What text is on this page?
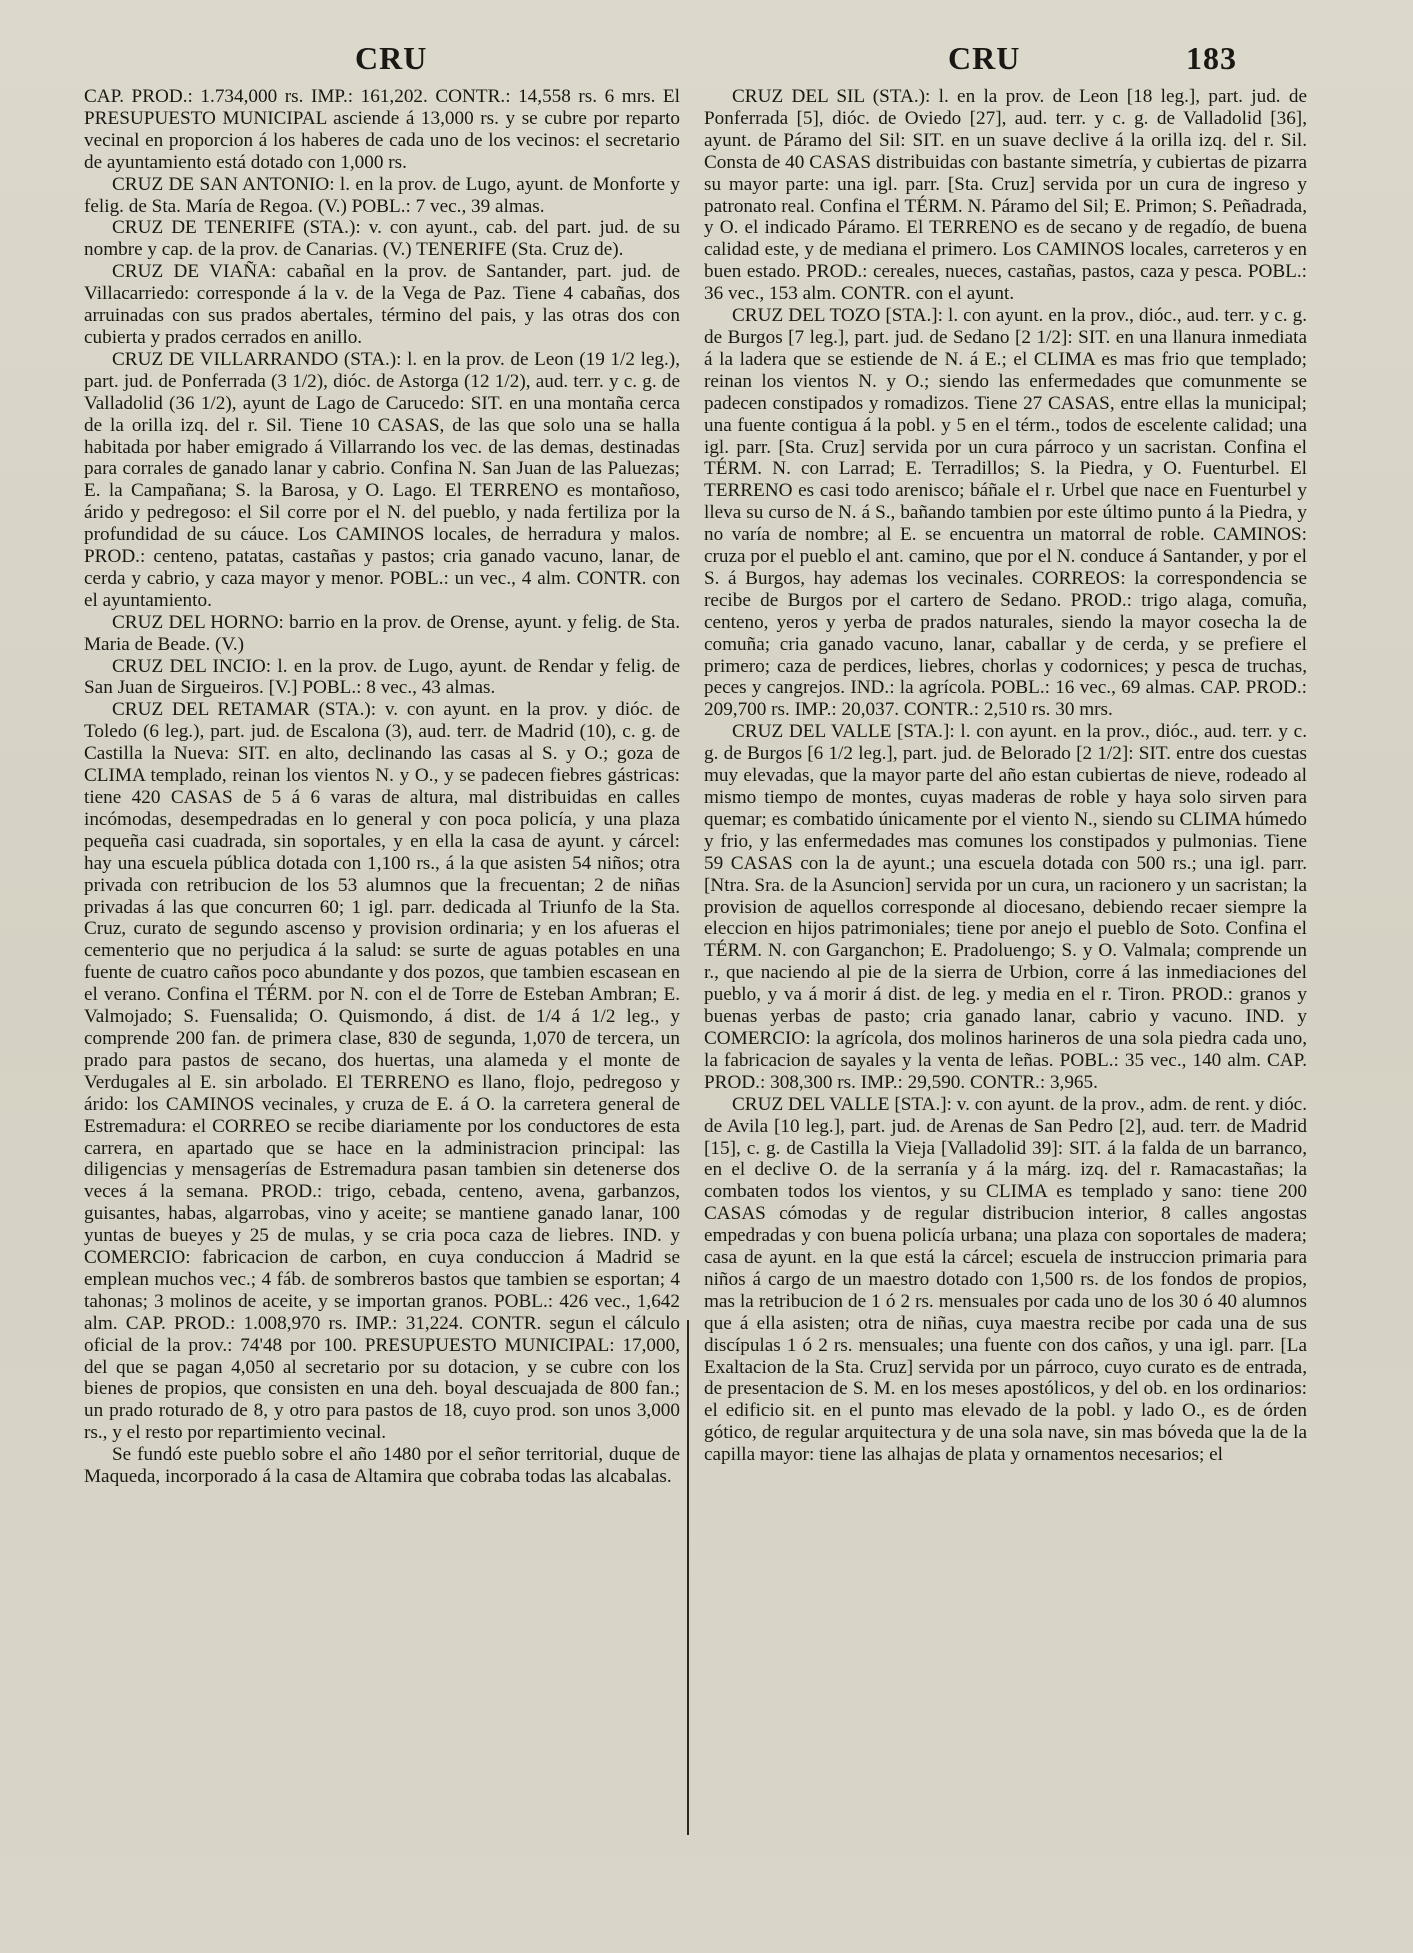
CRU	CRU	183

CAP. PROD.: 1.734,000 rs. IMP.: 161,202. CONTR.: 14,558 rs. 6 mrs. El PRESUPUESTO MUNICIPAL asciende á 13,000 rs. y se cubre por reparto vecinal en proporcion á los haberes de cada uno de los vecinos: el secretario de ayuntamiento está dotado con 1,000 rs.

CRUZ DE SAN ANTONIO: l. en la prov. de Lugo, ayunt. de Monforte y felig. de Sta. María de Regoa. (V.) POBL.: 7 vec., 39 almas.

CRUZ DE TENERIFE (STA.): v. con ayunt., cab. del part. jud. de su nombre y cap. de la prov. de Canarias. (V.) TENERIFE (Sta. Cruz de).

CRUZ DE VIAÑA: cabañal en la prov. de Santander, part. jud. de Villacarriedo: corresponde á la v. de la Vega de Paz. Tiene 4 cabañas, dos arruinadas con sus prados abertales, término del pais, y las otras dos con cubierta y prados cerrados en anillo.

CRUZ DE VILLARRANDO (STA.): l. en la prov. de Leon (19 1/2 leg.), part. jud. de Ponferrada (3 1/2), dióc. de Astorga (12 1/2), aud. terr. y c. g. de Valladolid (36 1/2), ayunt de Lago de Carucedo: SIT. en una montaña cerca de la orilla izq. del r. Sil. Tiene 10 CASAS, de las que solo una se halla habitada por haber emigrado á Villarrando los vec. de las demas, destinadas para corrales de ganado lanar y cabrio. Confina N. San Juan de las Paluezas; E. la Campañana; S. la Barosa, y O. Lago. El TERRENO es montañoso, árido y pedregoso: el Sil corre por el N. del pueblo, y nada fertiliza por la profundidad de su cáuce. Los CAMINOS locales, de herradura y malos. PROD.: centeno, patatas, castañas y pastos; cria ganado vacuno, lanar, de cerda y cabrio, y caza mayor y menor. POBL.: un vec., 4 alm. CONTR. con el ayuntamiento.

CRUZ DEL HORNO: barrio en la prov. de Orense, ayunt. y felig. de Sta. Maria de Beade. (V.)

CRUZ DEL INCIO: l. en la prov. de Lugo, ayunt. de Rendar y felig. de San Juan de Sirgueiros. [V.] POBL.: 8 vec., 43 almas.

CRUZ DEL RETAMAR (STA.): v. con ayunt. en la prov. y dióc. de Toledo (6 leg.), part. jud. de Escalona (3), aud. terr. de Madrid (10), c. g. de Castilla la Nueva: SIT. en alto, declinando las casas al S. y O.; goza de CLIMA templado, reinan los vientos N. y O., y se padecen fiebres gástricas: tiene 420 CASAS de 5 á 6 varas de altura, mal distribuidas en calles incómodas, desempedradas en lo general y con poca policía, y una plaza pequeña casi cuadrada, sin soportales, y en ella la casa de ayunt. y cárcel: hay una escuela pública dotada con 1,100 rs., á la que asisten 54 niños; otra privada con retribucion de los 53 alumnos que la frecuentan; 2 de niñas privadas á las que concurren 60; 1 igl. parr. dedicada al Triunfo de la Sta. Cruz, curato de segundo ascenso y provision ordinaria; y en los afueras el cementerio que no perjudica á la salud: se surte de aguas potables en una fuente de cuatro caños poco abundante y dos pozos, que tambien escasean en el verano. Confina el TÉRM. por N. con el de Torre de Esteban Ambran; E. Valmojado; S. Fuensalida; O. Quismondo, á dist. de 1/4 á 1/2 leg., y comprende 200 fan. de primera clase, 830 de segunda, 1,070 de tercera, un prado para pastos de secano, dos huertas, una alameda y el monte de Verdugales al E. sin arbolado. El TERRENO es llano, flojo, pedregoso y árido: los CAMINOS vecinales, y cruza de E. á O. la carretera general de Estremadura: el CORREO se recibe diariamente por los conductores de esta carrera, en apartado que se hace en la administracion principal: las diligencias y mensagerías de Estremadura pasan tambien sin detenerse dos veces á la semana. PROD.: trigo, cebada, centeno, avena, garbanzos, guisantes, habas, algarrobas, vino y aceite; se mantiene ganado lanar, 100 yuntas de bueyes y 25 de mulas, y se cria poca caza de liebres. IND. y COMERCIO: fabricacion de carbon, en cuya conduccion á Madrid se emplean muchos vec.; 4 fáb. de sombreros bastos que tambien se esportan; 4 tahonas; 3 molinos de aceite, y se importan granos. POBL.: 426 vec., 1,642 alm. CAP. PROD.: 1.008,970 rs. IMP.: 31,224. CONTR. segun el cálculo oficial de la prov.: 74'48 por 100. PRESUPUESTO MUNICIPAL: 17,000, del que se pagan 4,050 al secretario por su dotacion, y se cubre con los bienes de propios, que consisten en una deh. boyal descuajada de 800 fan.; un prado roturado de 8, y otro para pastos de 18, cuyo prod. son unos 3,000 rs., y el resto por repartimiento vecinal.

Se fundó este pueblo sobre el año 1480 por el señor territorial, duque de Maqueda, incorporado á la casa de Altamira que cobraba todas las alcabalas.

CRUZ DEL SIL (STA.): l. en la prov. de Leon [18 leg.], part. jud. de Ponferrada [5], dióc. de Oviedo [27], aud. terr. y c. g. de Valladolid [36], ayunt. de Páramo del Sil: SIT. en un suave declive á la orilla izq. del r. Sil. Consta de 40 CASAS distribuidas con bastante simetría, y cubiertas de pizarra su mayor parte: una igl. parr. [Sta. Cruz] servida por un cura de ingreso y patronato real. Confina el TÉRM. N. Páramo del Sil; E. Primon; S. Peñadrada, y O. el indicado Páramo. El TERRENO es de secano y de regadío, de buena calidad este, y de mediana el primero. Los CAMINOS locales, carreteros y en buen estado. PROD.: cereales, nueces, castañas, pastos, caza y pesca. POBL.: 36 vec., 153 alm. CONTR. con el ayunt.

CRUZ DEL TOZO [STA.]: l. con ayunt. en la prov., dióc., aud. terr. y c. g. de Burgos [7 leg.], part. jud. de Sedano [2 1/2]: SIT. en una llanura inmediata á la ladera que se estiende de N. á E.; el CLIMA es mas frio que templado; reinan los vientos N. y O.; siendo las enfermedades que comunmente se padecen constipados y romadizos. Tiene 27 CASAS, entre ellas la municipal; una fuente contigua á la pobl. y 5 en el térm., todos de escelente calidad; una igl. parr. [Sta. Cruz] servida por un cura párroco y un sacristan. Confina el TÉRM. N. con Larrad; E. Terradillos; S. la Piedra, y O. Fuenturbel. El TERRENO es casi todo arenisco; báñale el r. Urbel que nace en Fuenturbel y lleva su curso de N. á S., bañando tambien por este último punto á la Piedra, y no varía de nombre; al E. se encuentra un matorral de roble. CAMINOS: cruza por el pueblo el ant. camino, que por el N. conduce á Santander, y por el S. á Burgos, hay ademas los vecinales. CORREOS: la correspondencia se recibe de Burgos por el cartero de Sedano. PROD.: trigo alaga, comuña, centeno, yeros y yerba de prados naturales, siendo la mayor cosecha la de comuña; cria ganado vacuno, lanar, caballar y de cerda, y se prefiere el primero; caza de perdices, liebres, chorlas y codornices; y pesca de truchas, peces y cangrejos. IND.: la agrícola. POBL.: 16 vec., 69 almas. CAP. PROD.: 209,700 rs. IMP.: 20,037. CONTR.: 2,510 rs. 30 mrs.

CRUZ DEL VALLE [STA.]: l. con ayunt. en la prov., dióc., aud. terr. y c. g. de Burgos [6 1/2 leg.], part. jud. de Belorado [2 1/2]: SIT. entre dos cuestas muy elevadas, que la mayor parte del año estan cubiertas de nieve, rodeado al mismo tiempo de montes, cuyas maderas de roble y haya solo sirven para quemar; es combatido únicamente por el viento N., siendo su CLIMA húmedo y frio, y las enfermedades mas comunes los constipados y pulmonias. Tiene 59 CASAS con la de ayunt.; una escuela dotada con 500 rs.; una igl. parr. [Ntra. Sra. de la Asuncion] servida por un cura, un racionero y un sacristan; la provision de aquellos corresponde al diocesano, debiendo recaer siempre la eleccion en hijos patrimoniales; tiene por anejo el pueblo de Soto. Confina el TÉRM. N. con Garganchon; E. Pradoluengo; S. y O. Valmala; comprende un r., que naciendo al pie de la sierra de Urbion, corre á las inmediaciones del pueblo, y va á morir á dist. de leg. y media en el r. Tiron. PROD.: granos y buenas yerbas de pasto; cria ganado lanar, cabrio y vacuno. IND. y COMERCIO: la agrícola, dos molinos harineros de una sola piedra cada uno, la fabricacion de sayales y la venta de leñas. POBL.: 35 vec., 140 alm. CAP. PROD.: 308,300 rs. IMP.: 29,590. CONTR.: 3,965.

CRUZ DEL VALLE [STA.]: v. con ayunt. de la prov., adm. de rent. y dióc. de Avila [10 leg.], part. jud. de Arenas de San Pedro [2], aud. terr. de Madrid [15], c. g. de Castilla la Vieja [Valladolid 39]: SIT. á la falda de un barranco, en el declive O. de la serranía y á la márg. izq. del r. Ramacastañas; la combaten todos los vientos, y su CLIMA es templado y sano: tiene 200 CASAS cómodas y de regular distribucion interior, 8 calles angostas empedradas y con buena policía urbana; una plaza con soportales de madera; casa de ayunt. en la que está la cárcel; escuela de instruccion primaria para niños á cargo de un maestro dotado con 1,500 rs. de los fondos de propios, mas la retribucion de 1 ó 2 rs. mensuales por cada uno de los 30 ó 40 alumnos que á ella asisten; otra de niñas, cuya maestra recibe por cada una de sus discípulas 1 ó 2 rs. mensuales; una fuente con dos caños, y una igl. parr. [La Exaltacion de la Sta. Cruz] servida por un párroco, cuyo curato es de entrada, de presentacion de S. M. en los meses apostólicos, y del ob. en los ordinarios: el edificio sit. en el punto mas elevado de la pobl. y lado O., es de órden gótico, de regular arquitectura y de una sola nave, sin mas bóveda que la de la capilla mayor: tiene las alhajas de plata y ornamentos necesarios; el
